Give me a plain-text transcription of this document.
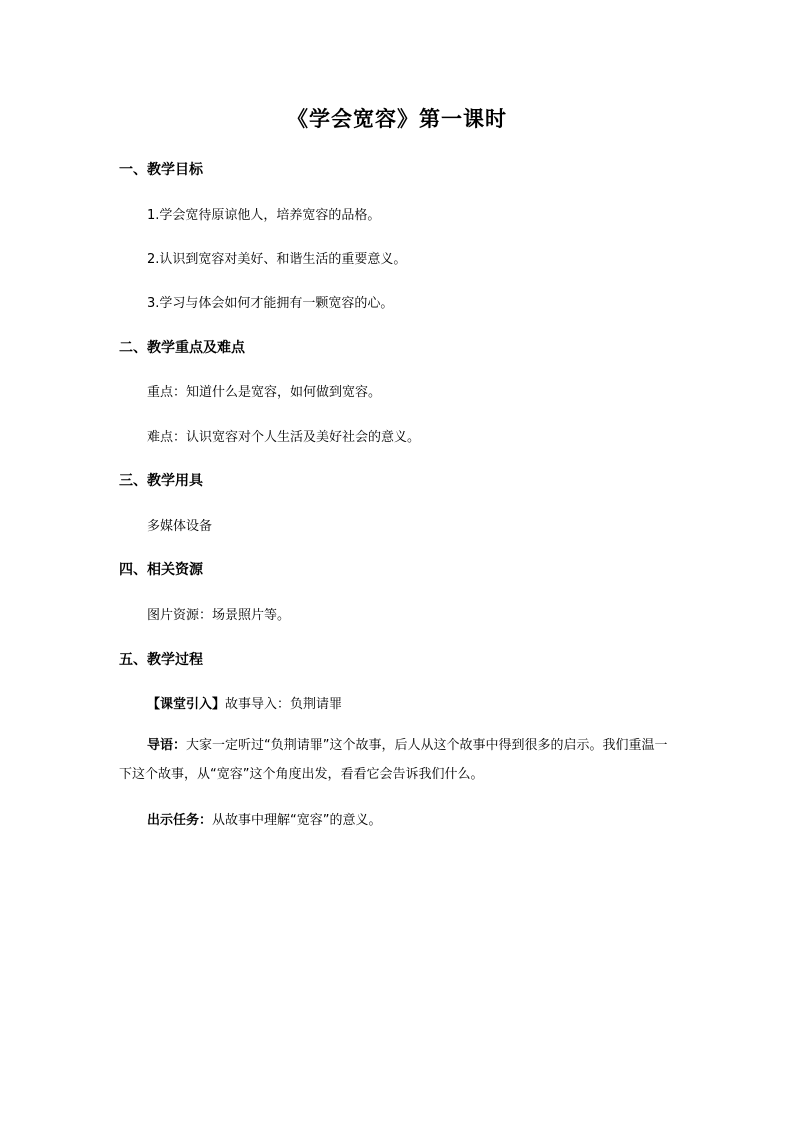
《学会宽容》第一课时
一、教学目标
1.学会宽待原谅他人，培养宽容的品格。
2.认识到宽容对美好、和谐生活的重要意义。
3.学习与体会如何才能拥有一颗宽容的心。
二、教学重点及难点
重点：知道什么是宽容，如何做到宽容。
难点：认识宽容对个人生活及美好社会的意义。
三、教学用具
多媒体设备
四、相关资源
图片资源：场景照片等。
五、教学过程
【课堂引入】故事导入：负荆请罪
导语：大家一定听过“负荆请罪”这个故事，后人从这个故事中得到很多的启示。我们重温一下这个故事，从“宽容”这个角度出发，看看它会告诉我们什么。
出示任务：从故事中理解“宽容”的意义。
